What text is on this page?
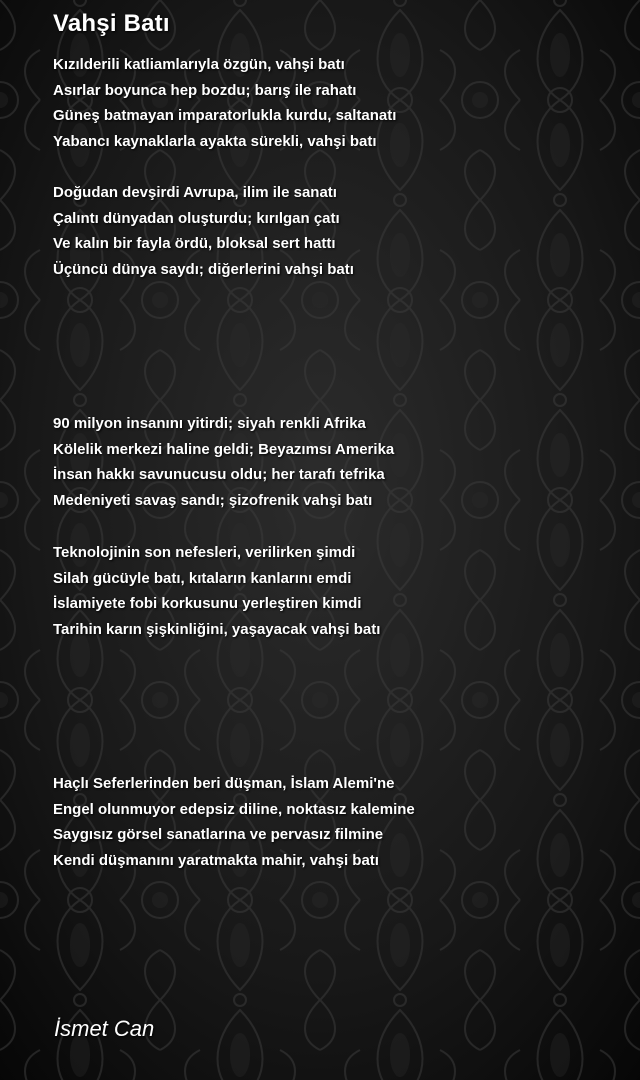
Vahşi Batı
Kızılderili katliamlarıyla özgün, vahşi batı
Asırlar boyunca hep bozdu; barış ile rahatı
Güneş batmayan imparatorlukla kurdu, saltanatı
Yabancı kaynaklarla ayakta sürekli, vahşi batı
Doğudan devşirdi Avrupa, ilim ile sanatı
Çalıntı dünyadan oluşturdu; kırılgan çatı
Ve kalın bir fayla ördü, bloksal sert hattı
Üçüncü dünya saydı; diğerlerini vahşi batı
90 milyon insanını yitirdi; siyah renkli Afrika
Kölelik merkezi haline geldi; Beyazımsı Amerika
İnsan hakkı savunucusu oldu; her tarafı tefrika
Medeniyeti savaş sandı; şizofrenik vahşi batı
Teknolojinin son nefesleri, verilirken şimdi
Silah gücüyle batı, kıtaların kanlarını emdi
İslamiyete fobi korkusunu yerleştiren kimdi
Tarihin karın şişkinliğini, yaşayacak vahşi batı
Haçlı Seferlerinden beri düşman, İslam Alemi'ne
Engel olunmuyor edepsiz diline, noktasız kalemine
Saygısız görsel sanatlarına ve pervasız filmine
Kendi düşmanını yaratmakta mahir, vahşi batı
İsmet Can
